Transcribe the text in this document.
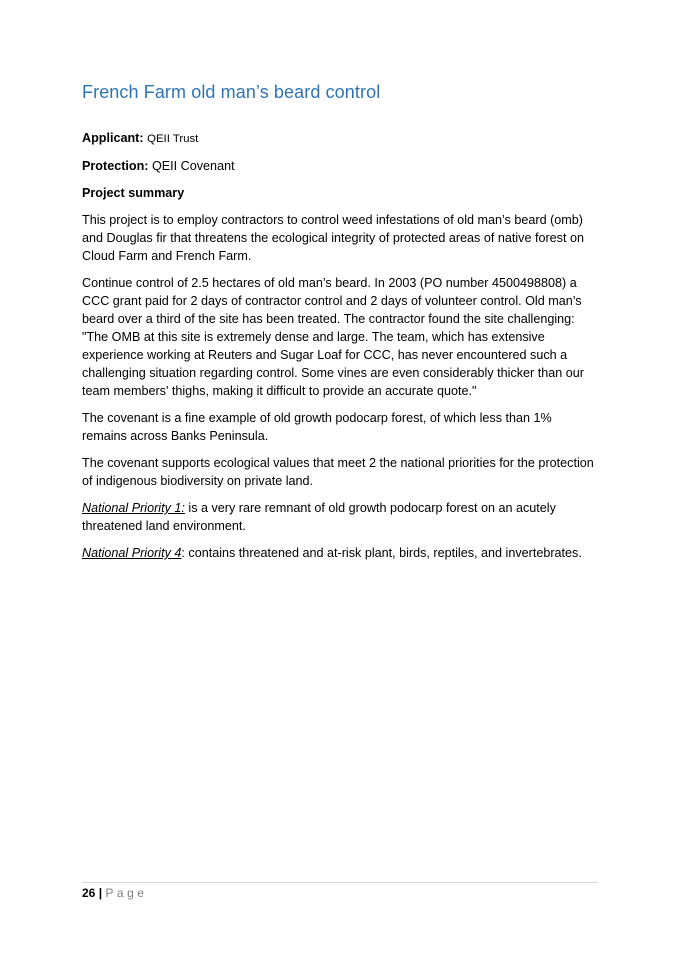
French Farm old man’s beard control

Applicant: QEII Trust

Protection: QEII Covenant

Project summary

This project is to employ contractors to control weed infestations of old man’s beard (omb) and Douglas fir that threatens the ecological integrity of protected areas of native forest on Cloud Farm and French Farm.

Continue control of 2.5 hectares of old man’s beard. In 2003 (PO number 4500498808) a CCC grant paid for 2 days of contractor control and 2 days of volunteer control. Old man’s beard over a third of the site has been treated. The contractor found the site challenging: "The OMB at this site is extremely dense and large. The team, which has extensive experience working at Reuters and Sugar Loaf for CCC, has never encountered such a challenging situation regarding control. Some vines are even considerably thicker than our team members' thighs, making it difficult to provide an accurate quote."

The covenant is a fine example of old growth podocarp forest, of which less than 1% remains across Banks Peninsula.

The covenant supports ecological values that meet 2 the national priorities for the protection of indigenous biodiversity on private land.

National Priority 1: is a very rare remnant of old growth podocarp forest on an acutely threatened land environment.

National Priority 4: contains threatened and at-risk plant, birds, reptiles, and invertebrates.

26 | Page
